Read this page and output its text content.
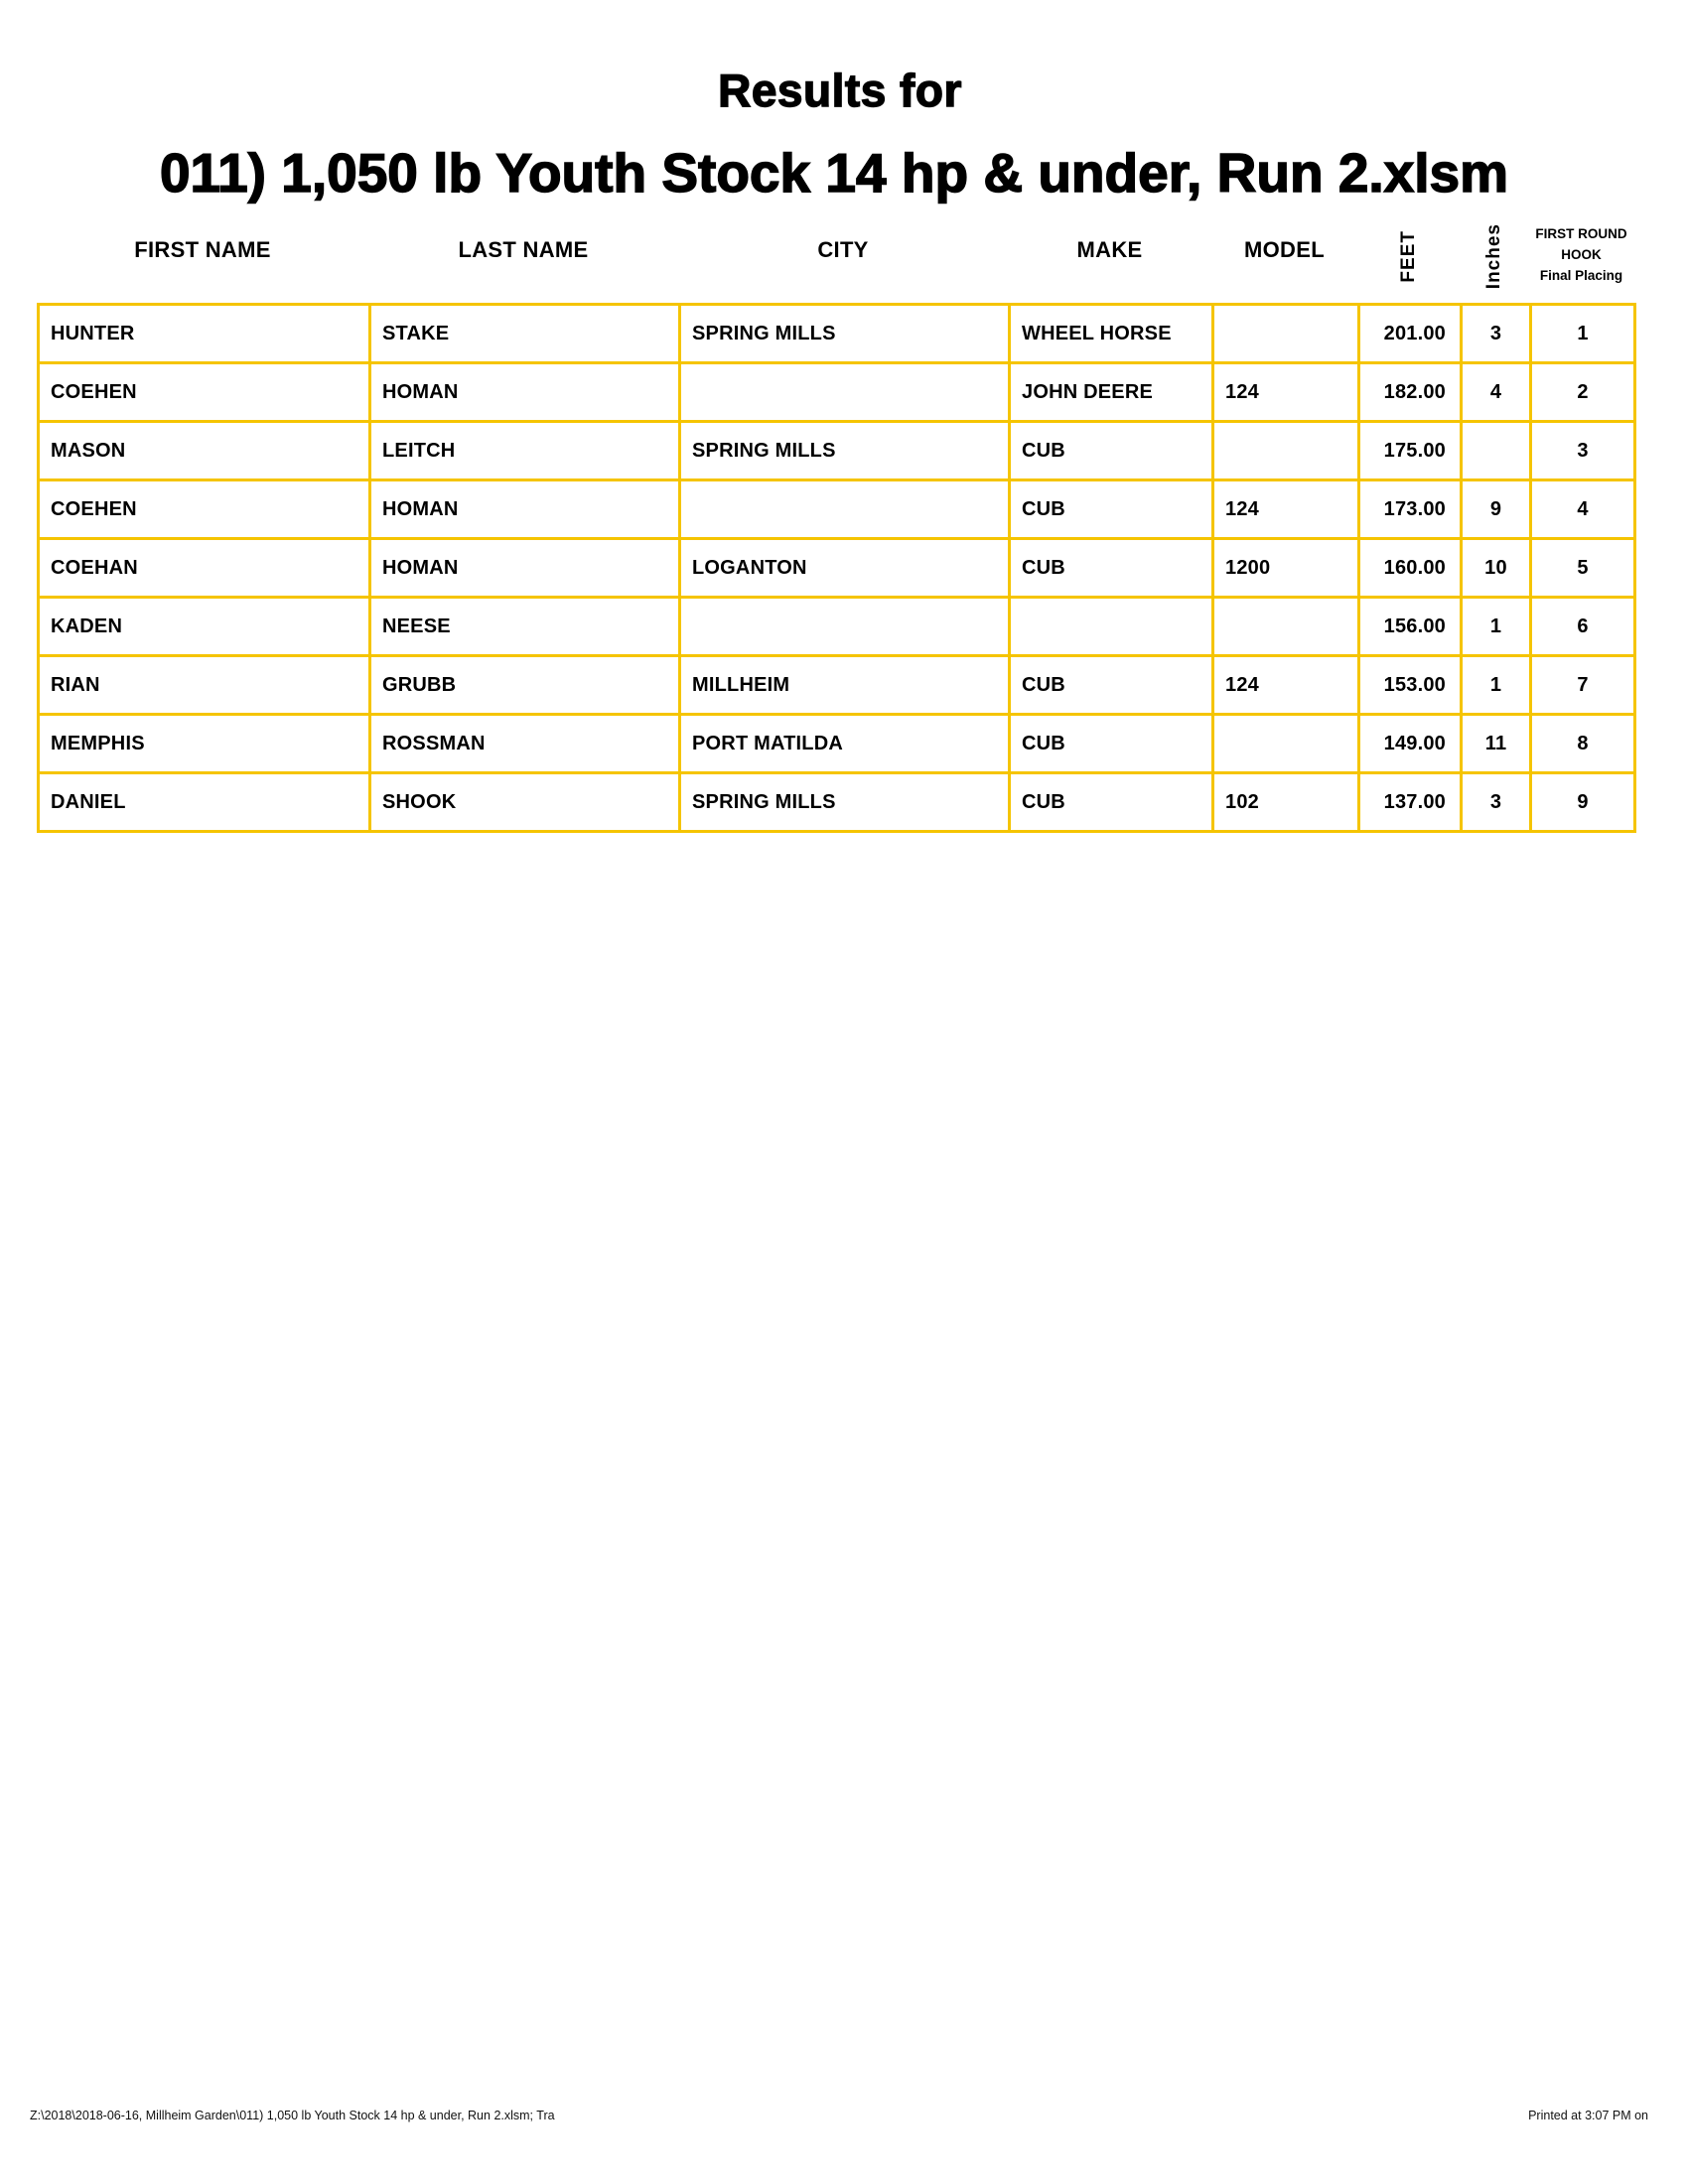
Results for
011) 1,050 lb Youth Stock 14 hp & under, Run 2.xlsm
FIRST NAME	LAST NAME	CITY	MAKE	MODEL	FEET	Inches FIRST ROUND
HOOK
Final Placing
HUNTER	STAKE	SPRING MILLS	WHEEL HORSE		201.00	3	1
COEHEN	HOMAN		JOHN DEERE	124	182.00	4	2
MASON	LEITCH	SPRING MILLS	CUB		175.00		3
COEHEN	HOMAN		CUB	124	173.00	9	4
COEHAN	HOMAN	LOGANTON	CUB	1200	160.00	10	5
KADEN	NEESE				156.00	1	6
RIAN	GRUBB	MILLHEIM	CUB	124	153.00	1	7
MEMPHIS	ROSSMAN	PORT MATILDA	CUB		149.00	11	8
DANIEL	SHOOK	SPRING MILLS	CUB	102	137.00	3	9
Z:\2018\2018-06-16, Millheim Garden\011) 1,050 lb Youth Stock 14 hp & under, Run 2.xlsm; Tra	Printed at 3:07 PM on
